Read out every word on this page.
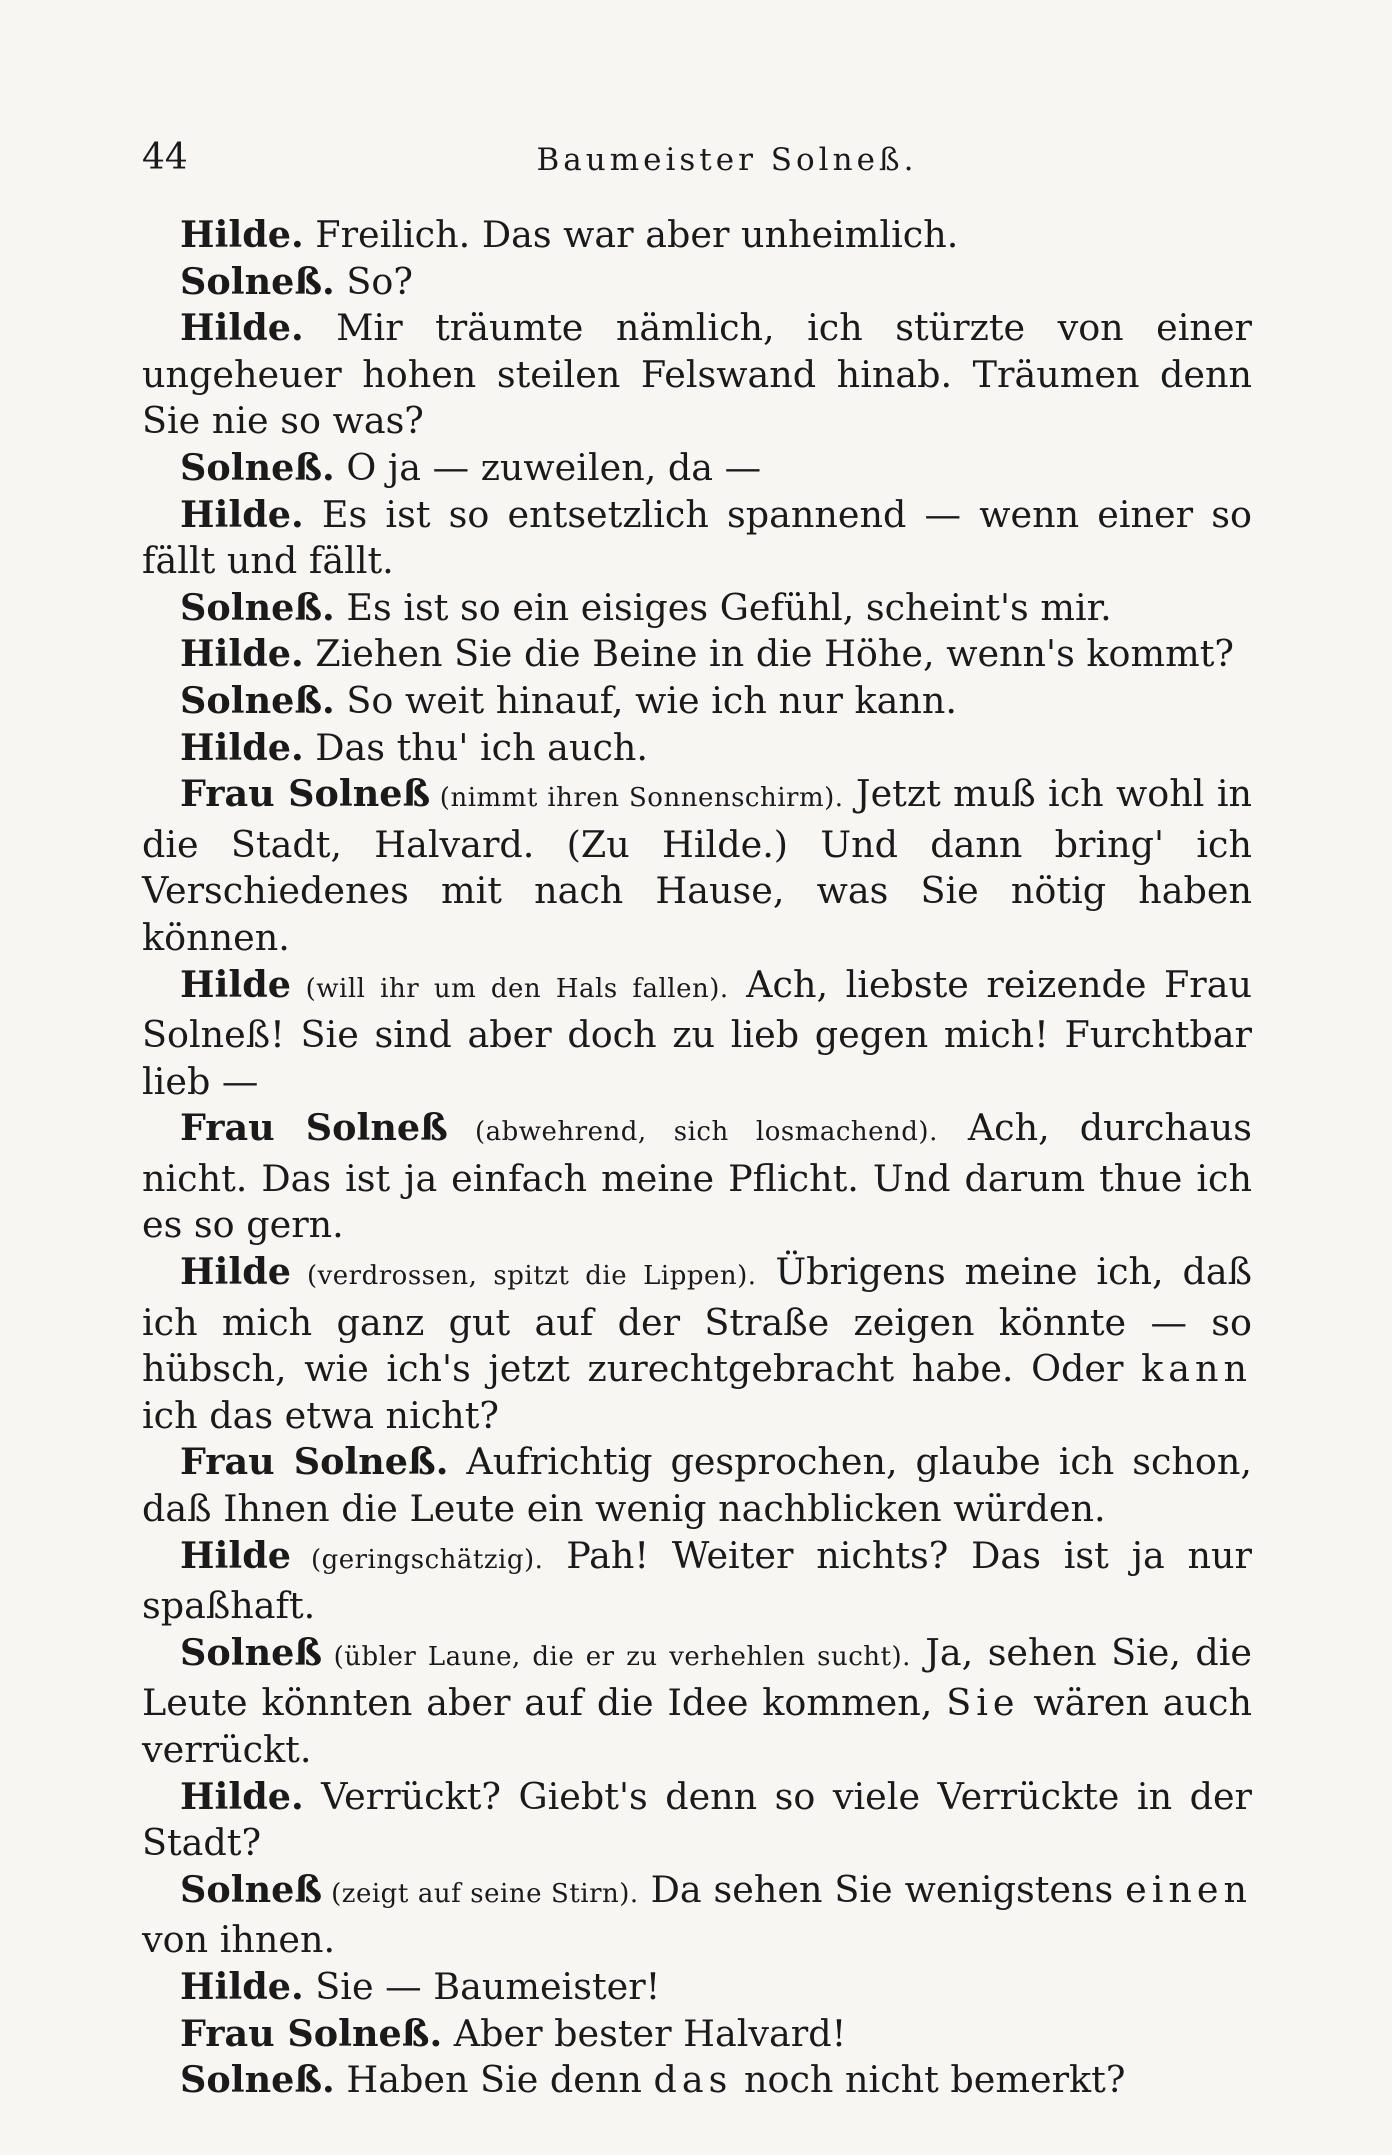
44	Baumeister Solneß.

Hilde. Freilich. Das war aber unheimlich.

Solneß. So?

Hilde. Mir träumte nämlich, ich stürzte von einer ungeheuer hohen steilen Felswand hinab. Träumen denn Sie nie so was?

Solneß. O ja — zuweilen, da —

Hilde. Es ist so entsetzlich spannend — wenn einer so fällt und fällt.

Solneß. Es ist so ein eisiges Gefühl, scheint's mir.

Hilde. Ziehen Sie die Beine in die Höhe, wenn's kommt?

Solneß. So weit hinauf, wie ich nur kann.

Hilde. Das thu' ich auch.

Frau Solneß (nimmt ihren Sonnenschirm). Jetzt muß ich wohl in die Stadt, Halvard. (Zu Hilde.) Und dann bring' ich Verschiedenes mit nach Hause, was Sie nötig haben können.

Hilde (will ihr um den Hals fallen). Ach, liebste reizende Frau Solneß! Sie sind aber doch zu lieb gegen mich! Furchtbar lieb —

Frau Solneß (abwehrend, sich losmachend). Ach, durchaus nicht. Das ist ja einfach meine Pflicht. Und darum thue ich es so gern.

Hilde (verdrossen, spitzt die Lippen). Übrigens meine ich, daß ich mich ganz gut auf der Straße zeigen könnte — so hübsch, wie ich's jetzt zurechtgebracht habe. Oder kann ich das etwa nicht?

Frau Solneß. Aufrichtig gesprochen, glaube ich schon, daß Ihnen die Leute ein wenig nachblicken würden.

Hilde (geringschätzig). Pah! Weiter nichts? Das ist ja nur spaßhaft.

Solneß (übler Laune, die er zu verhehlen sucht). Ja, sehen Sie, die Leute könnten aber auf die Idee kommen, Sie wären auch verrückt.

Hilde. Verrückt? Giebt's denn so viele Verrückte in der Stadt?

Solneß (zeigt auf seine Stirn). Da sehen Sie wenigstens einen von ihnen.

Hilde. Sie — Baumeister!

Frau Solneß. Aber bester Halvard!

Solneß. Haben Sie denn das noch nicht bemerkt?
